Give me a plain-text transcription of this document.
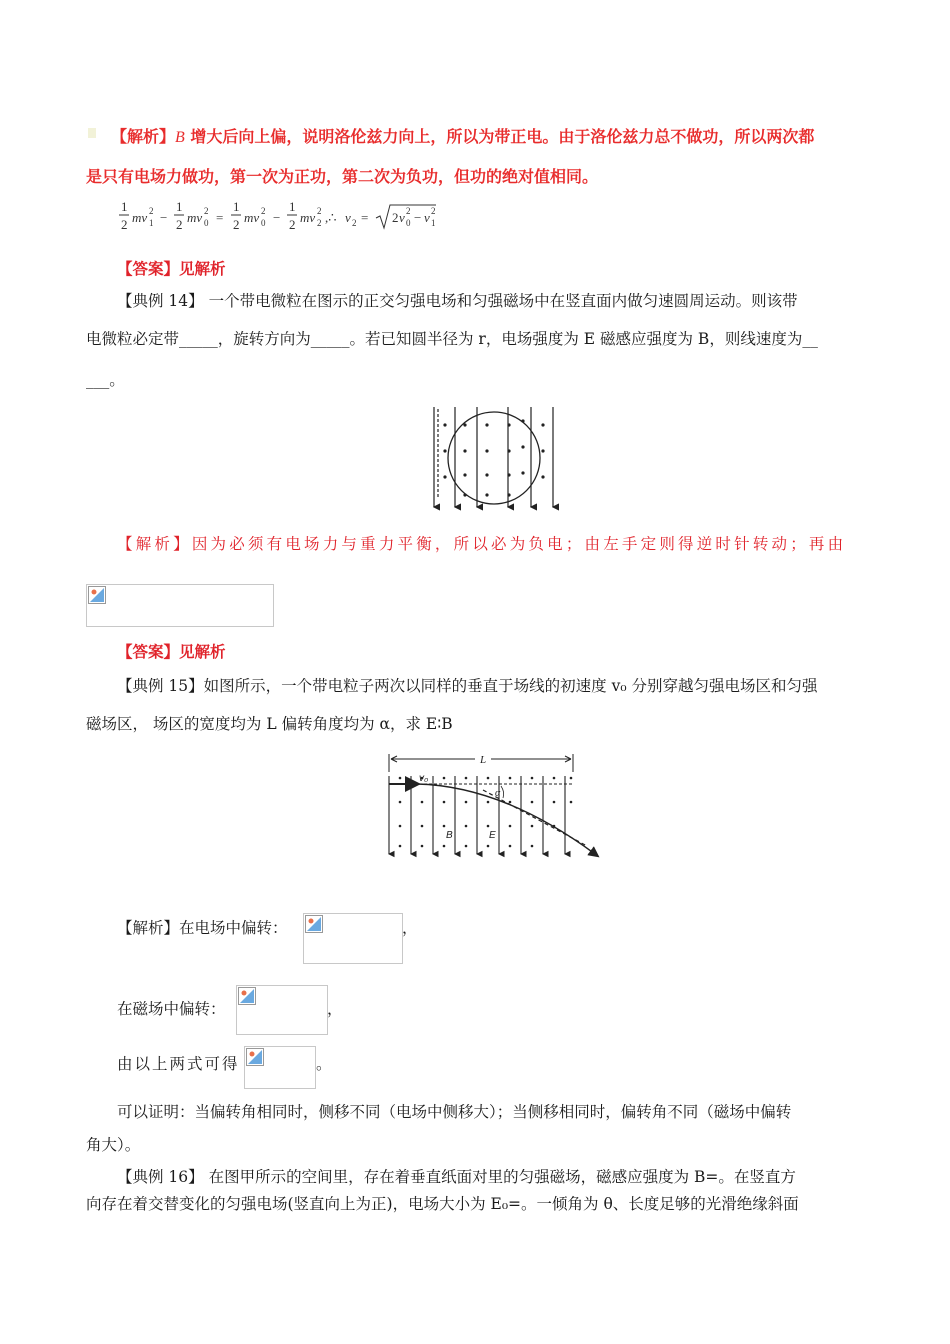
【解析】B 增大后向上偏，说明洛伦兹力向上，所以为带正电。由于洛伦兹力总不做功，所以两次都
是只有电场力做功，第一次为正功，第二次为负功，但功的绝对值相同。
1
2 mv 1
2 −
1
2 mv 0
2 =
1
2 mv 0
2 −
1
2 mv 2
2 ,∴ v 2 = 2 v 0
2 − v 1
2
【答案】见解析
【典例 14】 一个带电微粒在图示的正交匀强电场和匀强磁场中在竖直面内做匀速圆周运动。则该带
电微粒必定带_____，旋转方向为_____。若已知圆半径为 r，电场强度为 E 磁感应强度为 B，则线速度为__
___。
【解析】因为必须有电场力与重力平衡，所以必为负电；由左手定则得逆时针转动；再由
【答案】见解析
【典例 15】如图所示，一个带电粒子两次以同样的垂直于场线的初速度 v₀ 分别穿越匀强电场区和匀强
磁场区， 场区的宽度均为 L 偏转角度均为 α，求 E∶B
L
v₀
α
B	E
【解析】在电场中偏转：	，
在磁场中偏转：	，
由以上两式可得	。
可以证明：当偏转角相同时，侧移不同（电场中侧移大）；当侧移相同时，偏转角不同（磁场中偏转
角大）。
【典例 16】 在图甲所示的空间里，存在着垂直纸面对里的匀强磁场，磁感应强度为 B=。在竖直方
向存在着交替变化的匀强电场(竖直向上为正)，电场大小为 E₀=。一倾角为 θ、长度足够的光滑绝缘斜面
